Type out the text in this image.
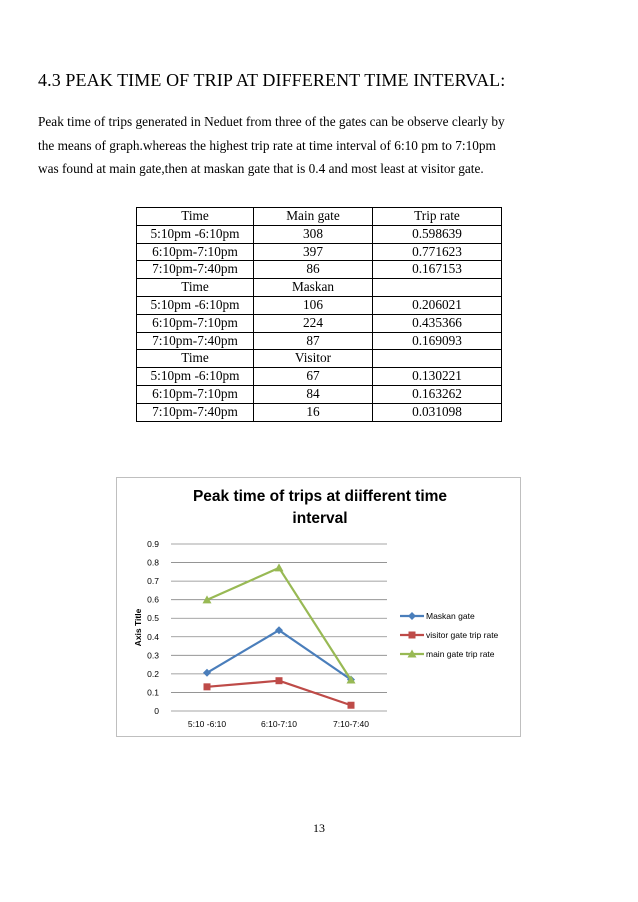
4.3 PEAK TIME OF TRIP AT DIFFERENT TIME INTERVAL:
Peak time of trips generated in Neduet from three of the gates can be observe clearly by
the means of graph.whereas the highest trip rate at time interval of 6:10 pm to 7:10pm
was found at main gate,then at maskan gate that is 0.4 and most least at visitor gate.
Time	Main gate	Trip rate
5:10pm -6:10pm	308	0.598639
6:10pm-7:10pm	397	0.771623
7:10pm-7:40pm	86	0.167153
Time	Maskan	
5:10pm -6:10pm	106	0.206021
6:10pm-7:10pm	224	0.435366
7:10pm-7:40pm	87	0.169093
Time	Visitor	
5:10pm -6:10pm	67	0.130221
6:10pm-7:10pm	84	0.163262
7:10pm-7:40pm	16	0.031098
Peak time of trips at diifferent time
interval
0
0.1
0.2
0.3
0.4
0.5
0.6
0.7
0.8
0.9
5:10 -6:10	6:10-7:10	7:10-7:40
Axis Title	Maskan gate
visitor gate trip rate
main gate trip rate
13
